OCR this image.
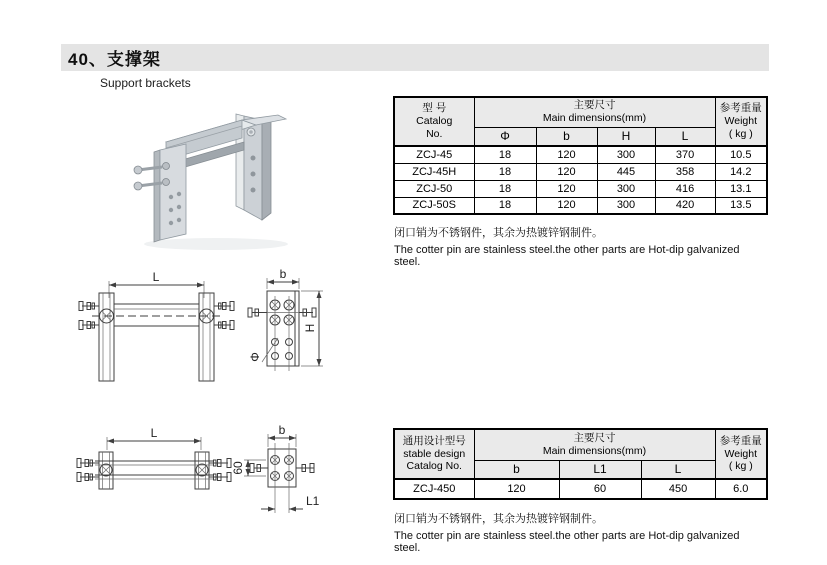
40、支撑架
Support brackets
型 号
Catalog
No.

主要尺寸
Main dimensions(mm)

参考重量
Weight
( kg )

	Φ	b	H	L	
ZCJ-45	18	120	300	370	10.5
ZCJ-45H	18	120	445	358	14.2
ZCJ-50	18	120	300	416	13.1
ZCJ-50S	18	120	300	420	13.5
闭口销为不锈钢件，其余为热镀锌钢制件。
The cotter pin are stainless steel.the other parts are Hot-dip galvanized steel.
L	b
H
Φ
L	b
60
L1
通用设计型号
stable design
Catalog No.

主要尺寸
Main dimensions(mm)

参考重量
Weight
( kg )

	b	L1	L	
ZCJ-450	120	60	450	6.0
闭口销为不锈钢件，其余为热镀锌钢制件。
The cotter pin are stainless steel.the other parts are Hot-dip galvanized steel.
